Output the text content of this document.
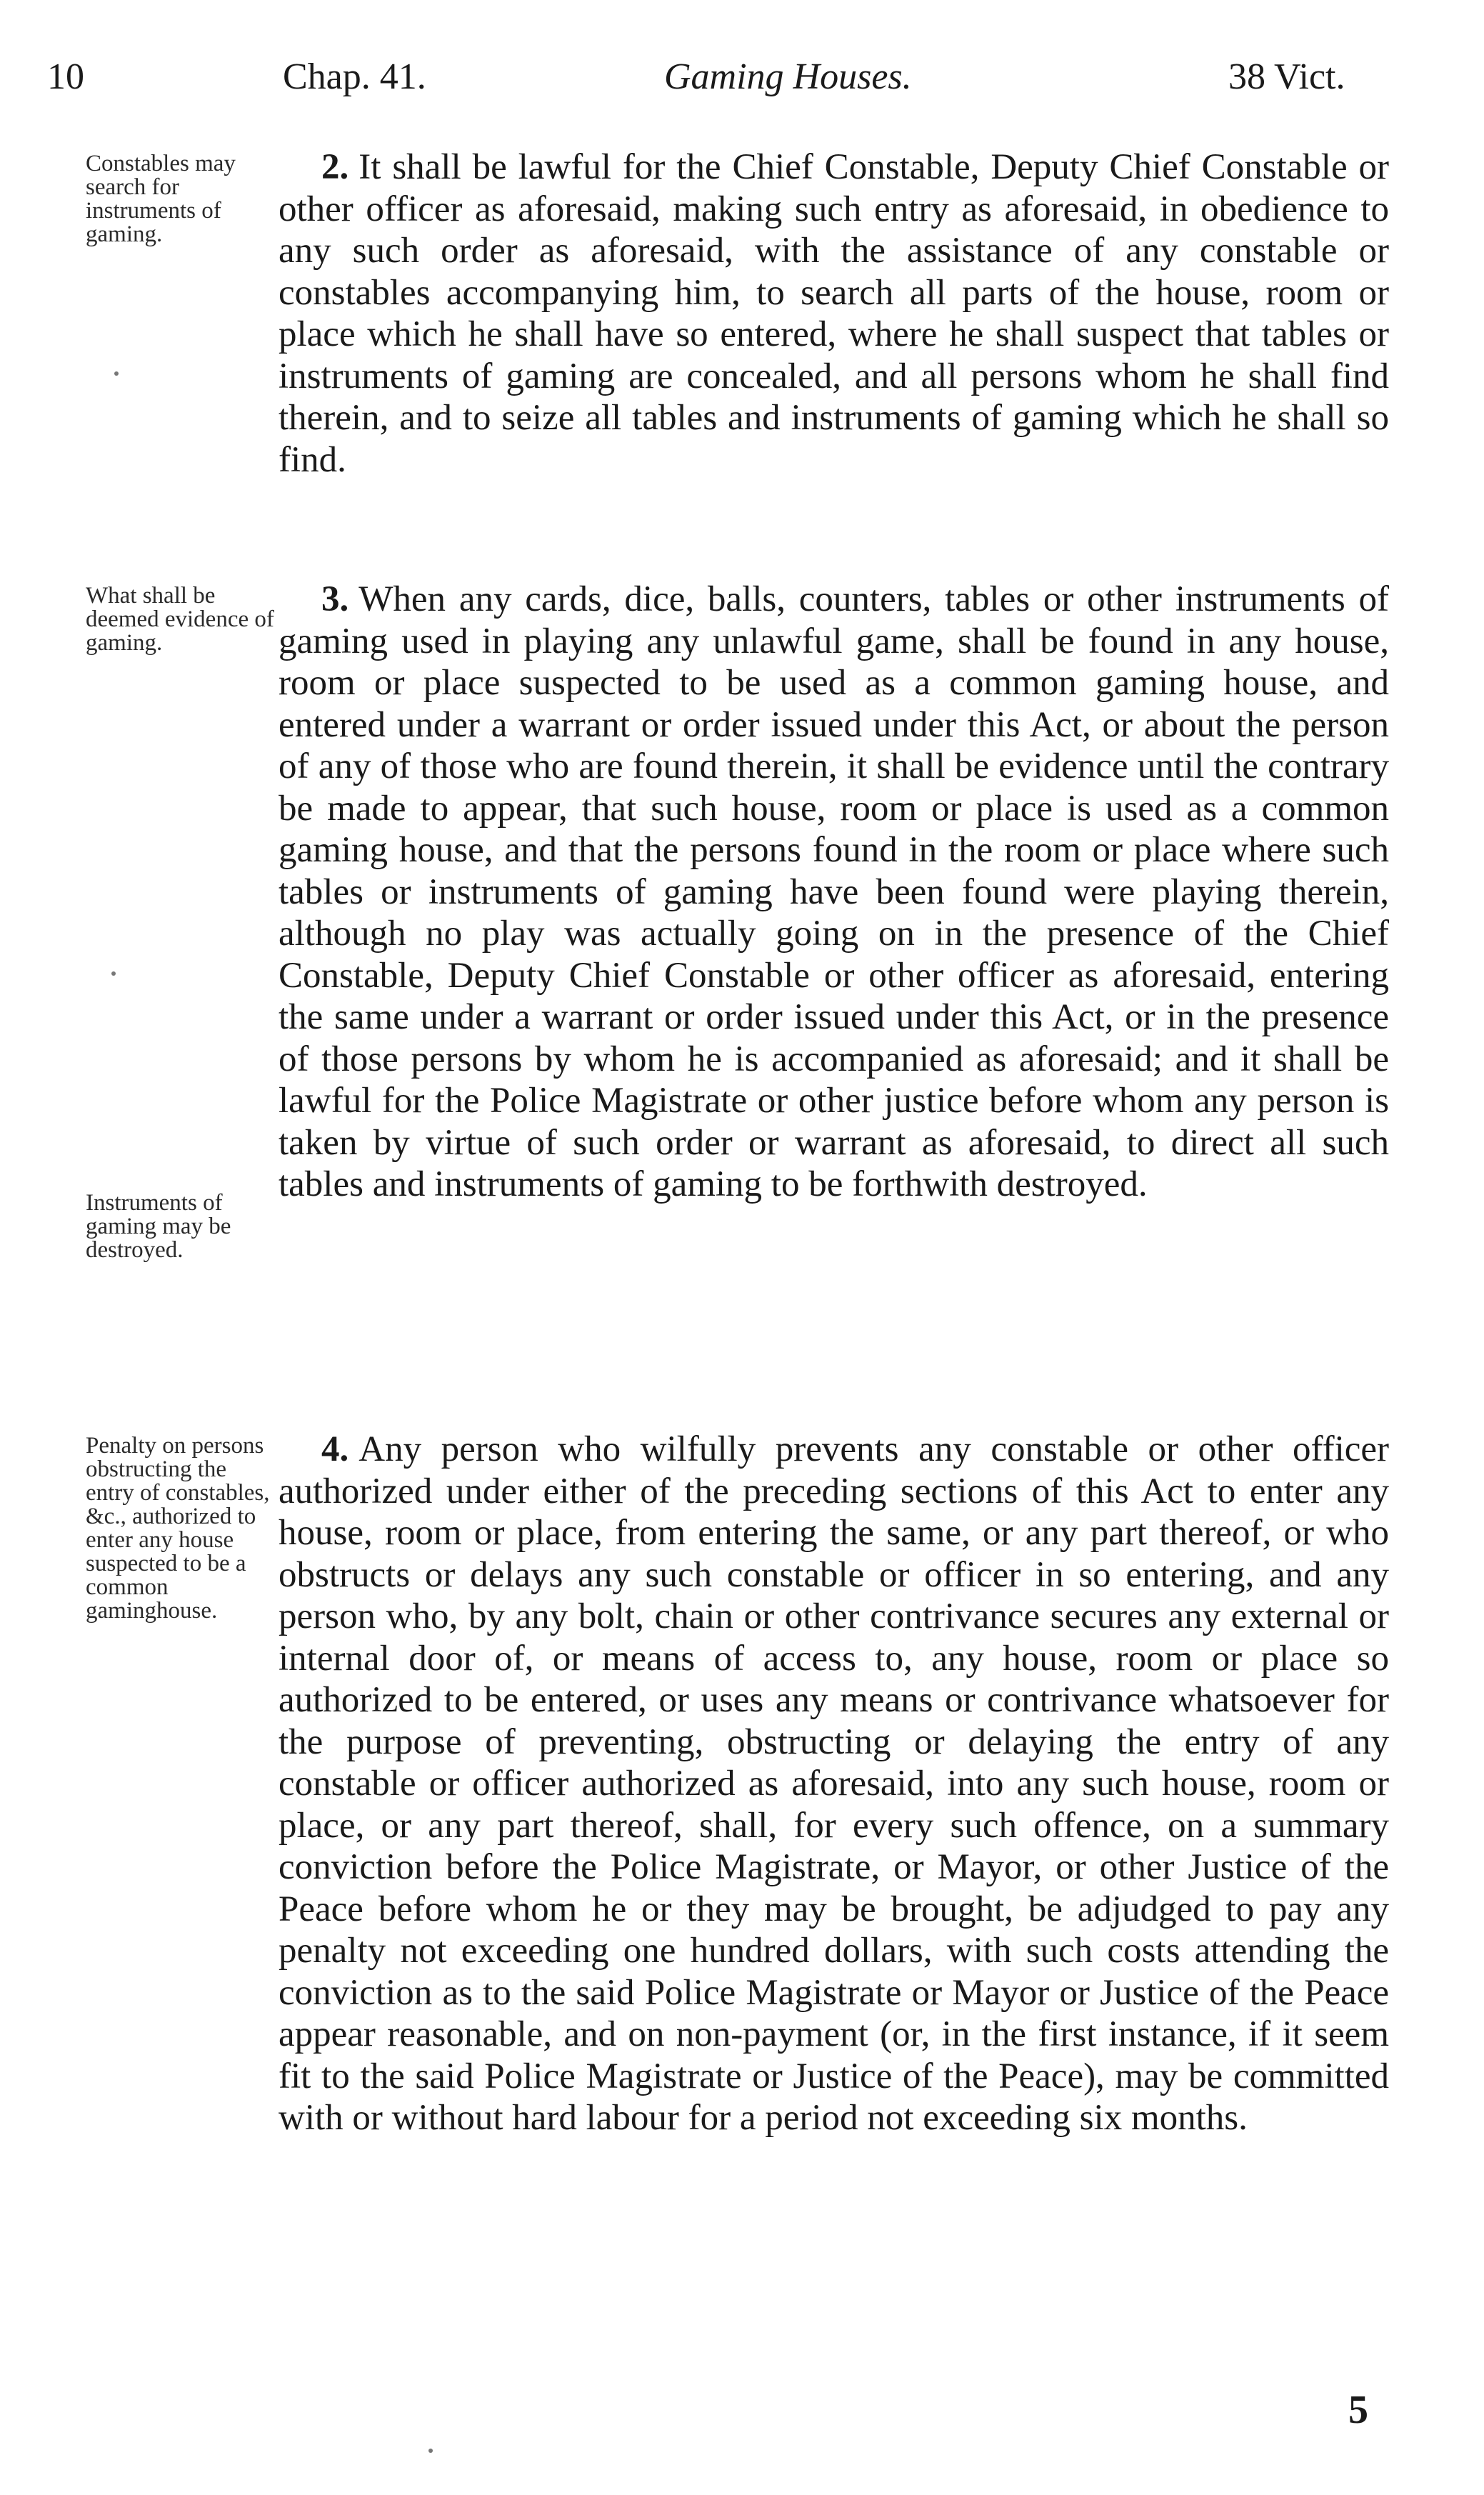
10	Chap. 41.	Gaming Houses.	38 Vict.
Constables may search for instruments of gaming.
2. It shall be lawful for the Chief Constable, Deputy Chief Constable or other officer as aforesaid, making such entry as aforesaid, in obedience to any such order as aforesaid, with the assistance of any constable or constables accompanying him, to search all parts of the house, room or place which he shall have so entered, where he shall suspect that tables or instruments of gaming are concealed, and all persons whom he shall find therein, and to seize all tables and instruments of gaming which he shall so find.
What shall be deemed evidence of gaming.
Instruments of gaming may be destroyed.
3. When any cards, dice, balls, counters, tables or other instruments of gaming used in playing any unlawful game, shall be found in any house, room or place suspected to be used as a common gaming house, and entered under a warrant or order issued under this Act, or about the person of any of those who are found therein, it shall be evidence until the contrary be made to appear, that such house, room or place is used as a common gaming house, and that the persons found in the room or place where such tables or instruments of gaming have been found were playing therein, although no play was actually going on in the presence of the Chief Constable, Deputy Chief Constable or other officer as aforesaid, entering the same under a warrant or order issued under this Act, or in the presence of those persons by whom he is accompanied as aforesaid; and it shall be lawful for the Police Magistrate or other justice before whom any person is taken by virtue of such order or warrant as aforesaid, to direct all such tables and instruments of gaming to be forthwith destroyed.
Penalty on persons obstructing the entry of constables, &c., authorized to enter any house suspected to be a common gaminghouse.
4. Any person who wilfully prevents any constable or other officer authorized under either of the preceding sections of this Act to enter any house, room or place, from entering the same, or any part thereof, or who obstructs or delays any such constable or officer in so entering, and any person who, by any bolt, chain or other contrivance secures any external or internal door of, or means of access to, any house, room or place so authorized to be entered, or uses any means or contrivance whatsoever for the purpose of preventing, obstructing or delaying the entry of any constable or officer authorized as aforesaid, into any such house, room or place, or any part thereof, shall, for every such offence, on a summary conviction before the Police Magistrate, or Mayor, or other Justice of the Peace before whom he or they may be brought, be adjudged to pay any penalty not exceeding one hundred dollars, with such costs attending the conviction as to the said Police Magistrate or Mayor or Justice of the Peace appear reasonable, and on non-payment (or, in the first instance, if it seem fit to the said Police Magistrate or Justice of the Peace), may be committed with or without hard labour for a period not exceeding six months.
5
